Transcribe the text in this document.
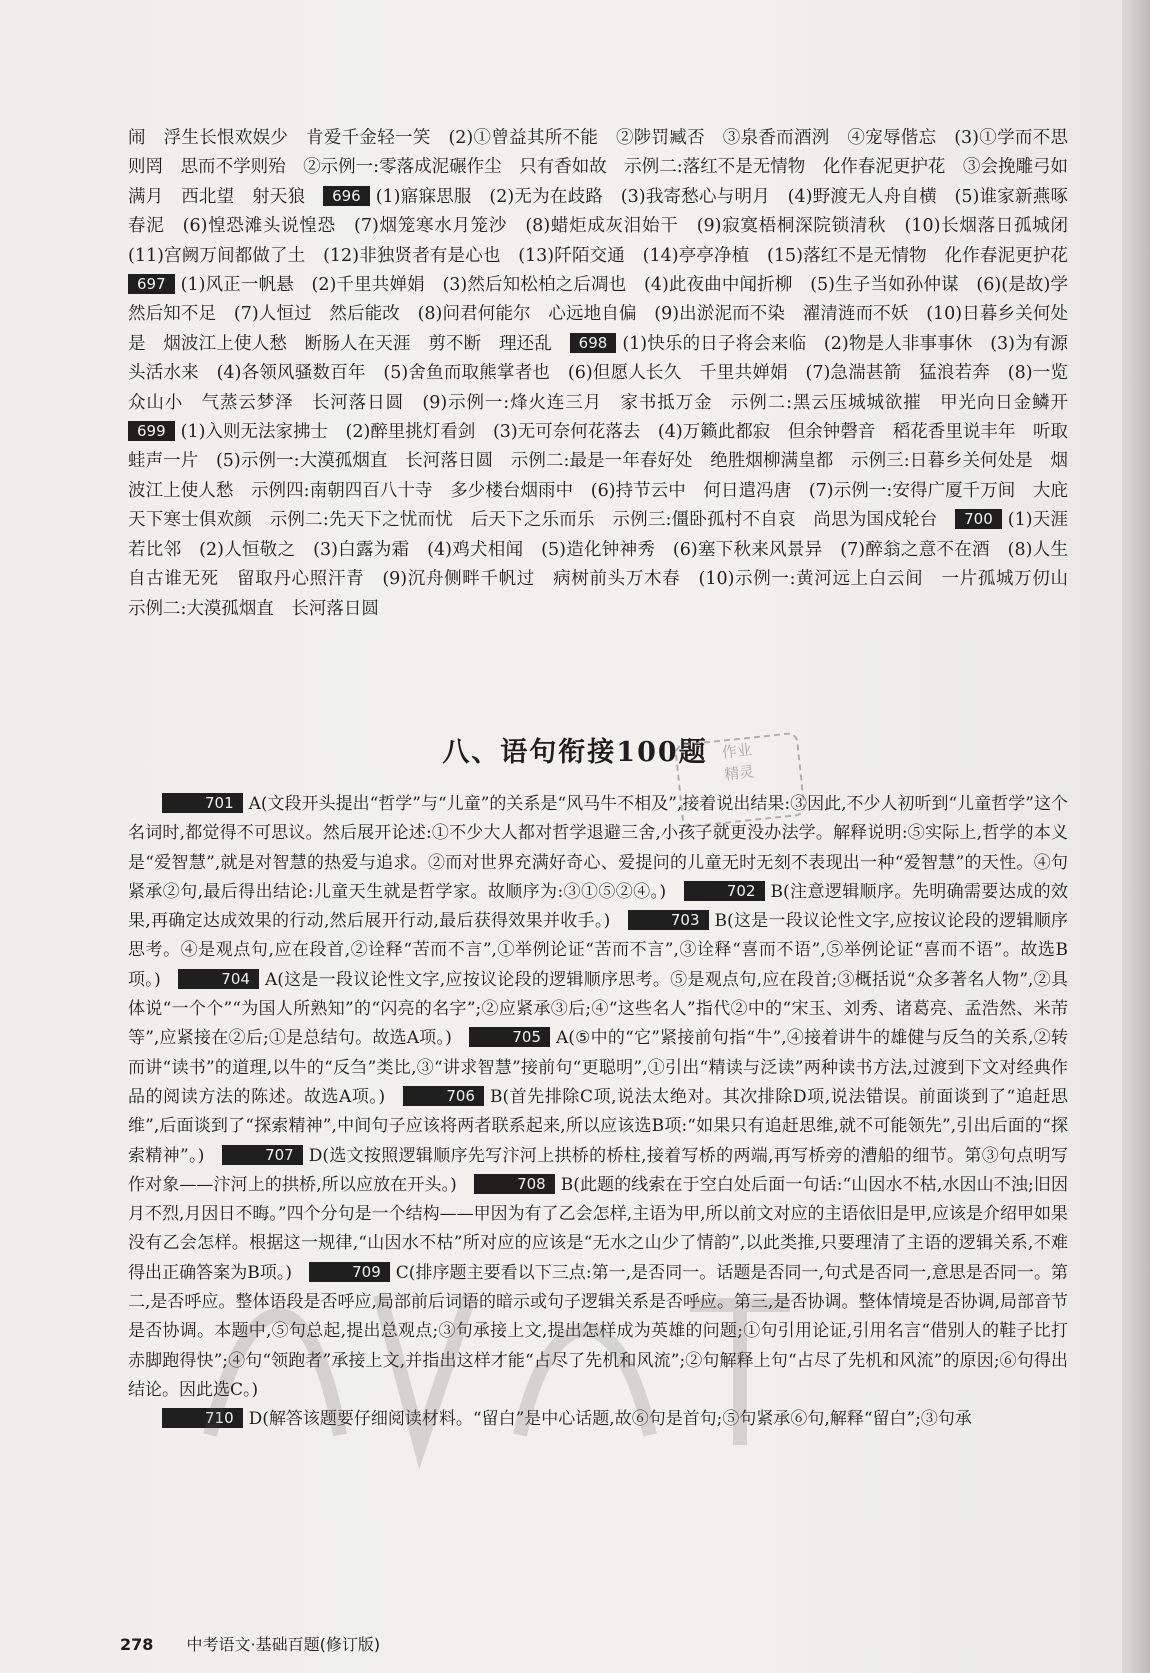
闹　浮生长恨欢娱少　肯爱千金轻一笑　(2)①曾益其所不能　②陟罚臧否　③泉香而酒洌　④宠辱偕忘　(3)①学而不思则罔　思而不学则殆　②示例一:零落成泥碾作尘　只有香如故　示例二:落红不是无情物　化作春泥更护花　③会挽雕弓如满月　西北望　射天狼　696 (1)寤寐思服　(2)无为在歧路　(3)我寄愁心与明月　(4)野渡无人舟自横　(5)谁家新燕啄春泥　(6)惶恐滩头说惶恐　(7)烟笼寒水月笼沙　(8)蜡炬成灰泪始干　(9)寂寞梧桐深院锁清秋　(10)长烟落日孤城闭　(11)宫阙万间都做了土　(12)非独贤者有是心也　(13)阡陌交通　(14)亭亭净植　(15)落红不是无情物　化作春泥更护花　697 (1)风正一帆悬　(2)千里共婵娟　(3)然后知松柏之后凋也　(4)此夜曲中闻折柳　(5)生子当如孙仲谋　(6)(是故)学然后知不足　(7)人恒过　然后能改　(8)问君何能尔　心远地自偏　(9)出淤泥而不染　濯清涟而不妖　(10)日暮乡关何处是　烟波江上使人愁　断肠人在天涯　剪不断　理还乱　698 (1)快乐的日子将会来临　(2)物是人非事事休　(3)为有源头活水来　(4)各领风骚数百年　(5)舍鱼而取熊掌者也　(6)但愿人长久　千里共婵娟　(7)急湍甚箭　猛浪若奔　(8)一览众山小　气蒸云梦泽　长河落日圆　(9)示例一:烽火连三月　家书抵万金　示例二:黑云压城城欲摧　甲光向日金鳞开　699 (1)入则无法家拂士　(2)醉里挑灯看剑　(3)无可奈何花落去　(4)万籁此都寂　但余钟磬音　稻花香里说丰年　听取蛙声一片　(5)示例一:大漠孤烟直　长河落日圆　示例二:最是一年春好处　绝胜烟柳满皇都　示例三:日暮乡关何处是　烟波江上使人愁　示例四:南朝四百八十寺　多少楼台烟雨中　(6)持节云中　何日遣冯唐　(7)示例一:安得广厦千万间　大庇天下寒士俱欢颜　示例二:先天下之忧而忧　后天下之乐而乐　示例三:僵卧孤村不自哀　尚思为国戍轮台　700 (1)天涯若比邻　(2)人恒敬之　(3)白露为霜　(4)鸡犬相闻　(5)造化钟神秀　(6)塞下秋来风景异　(7)醉翁之意不在酒　(8)人生自古谁无死　留取丹心照汗青　(9)沉舟侧畔千帆过　病树前头万木春　(10)示例一:黄河远上白云间　一片孤城万仞山　示例二:大漠孤烟直　长河落日圆
八、语句衔接100题 作业
精灵

701 A(文段开头提出“哲学”与“儿童”的关系是“风马牛不相及”,接着说出结果:③因此,不少人初听到“儿童哲学”这个名词时,都觉得不可思议。然后展开论述:①不少大人都对哲学退避三舍,小孩子就更没办法学。解释说明:⑤实际上,哲学的本义是“爱智慧”,就是对智慧的热爱与追求。②而对世界充满好奇心、爱提问的儿童无时无刻不表现出一种“爱智慧”的天性。④句紧承②句,最后得出结论:儿童天生就是哲学家。故顺序为:③①⑤②④。)　	702 B(注意逻辑顺序。先明确需要达成的效果,再确定达成效果的行动,然后展开行动,最后获得效果并收手。)　	703 B(这是一段议论性文字,应按议论段的逻辑顺序思考。④是观点句,应在段首,②诠释“苦而不言”,①举例论证“苦而不言”,③诠释“喜而不语”,⑤举例论证“喜而不语”。故选B项。)　	704 A(这是一段议论性文字,应按议论段的逻辑顺序思考。⑤是观点句,应在段首;③概括说“众多著名人物”,②具体说“一个个”“为国人所熟知”的“闪亮的名字”;②应紧承③后;④“这些名人”指代②中的“宋玉、刘秀、诸葛亮、孟浩然、米芾等”,应紧接在②后;①是总结句。故选A项。)　	705 A(⑤中的“它”紧接前句指“牛”,④接着讲牛的雄健与反刍的关系,②转而讲“读书”的道理,以牛的“反刍”类比,③“讲求智慧”接前句“更聪明”,①引出“精读与泛读”两种读书方法,过渡到下文对经典作品的阅读方法的陈述。故选A项。)　	706 B(首先排除C项,说法太绝对。其次排除D项,说法错误。前面谈到了“追赶思维”,后面谈到了“探索精神”,中间句子应该将两者联系起来,所以应该选B项:“如果只有追赶思维,就不可能领先”,引出后面的“探索精神”。)　	707 D(选文按照逻辑顺序先写汴河上拱桥的桥柱,接着写桥的两端,再写桥旁的漕船的细节。第③句点明写作对象——汴河上的拱桥,所以应放在开头。)　	708 B(此题的线索在于空白处后面一句话:“山因水不枯,水因山不浊;旧因月不烈,月因日不晦。”四个分句是一个结构——甲因为有了乙会怎样,主语为甲,所以前文对应的主语依旧是甲,应该是介绍甲如果没有乙会怎样。根据这一规律,“山因水不枯”所对应的应该是“无水之山少了情韵”,以此类推,只要理清了主语的逻辑关系,不难得出正确答案为B项。)　	709 C(排序题主要看以下三点:第一,是否同一。话题是否同一,句式是否同一,意思是否同一。第二,是否呼应。整体语段是否呼应,局部前后词语的暗示或句子逻辑关系是否呼应。第三,是否协调。整体情境是否协调,局部音节是否协调。本题中,⑤句总起,提出总观点;③句承接上文,提出怎样成为英雄的问题;①句引用论证,引用名言“借别人的鞋子比打赤脚跑得快”;④句“领跑者”承接上文,并指出这样才能“占尽了先机和风流”;②句解释上句“占尽了先机和风流”的原因;⑥句得出结论。因此选C。)

710 D(解答该题要仔细阅读材料。“留白”是中心话题,故⑥句是首句;⑤句紧承⑥句,解释“留白”;③句承

278 中考语文·基础百题(修订版)
